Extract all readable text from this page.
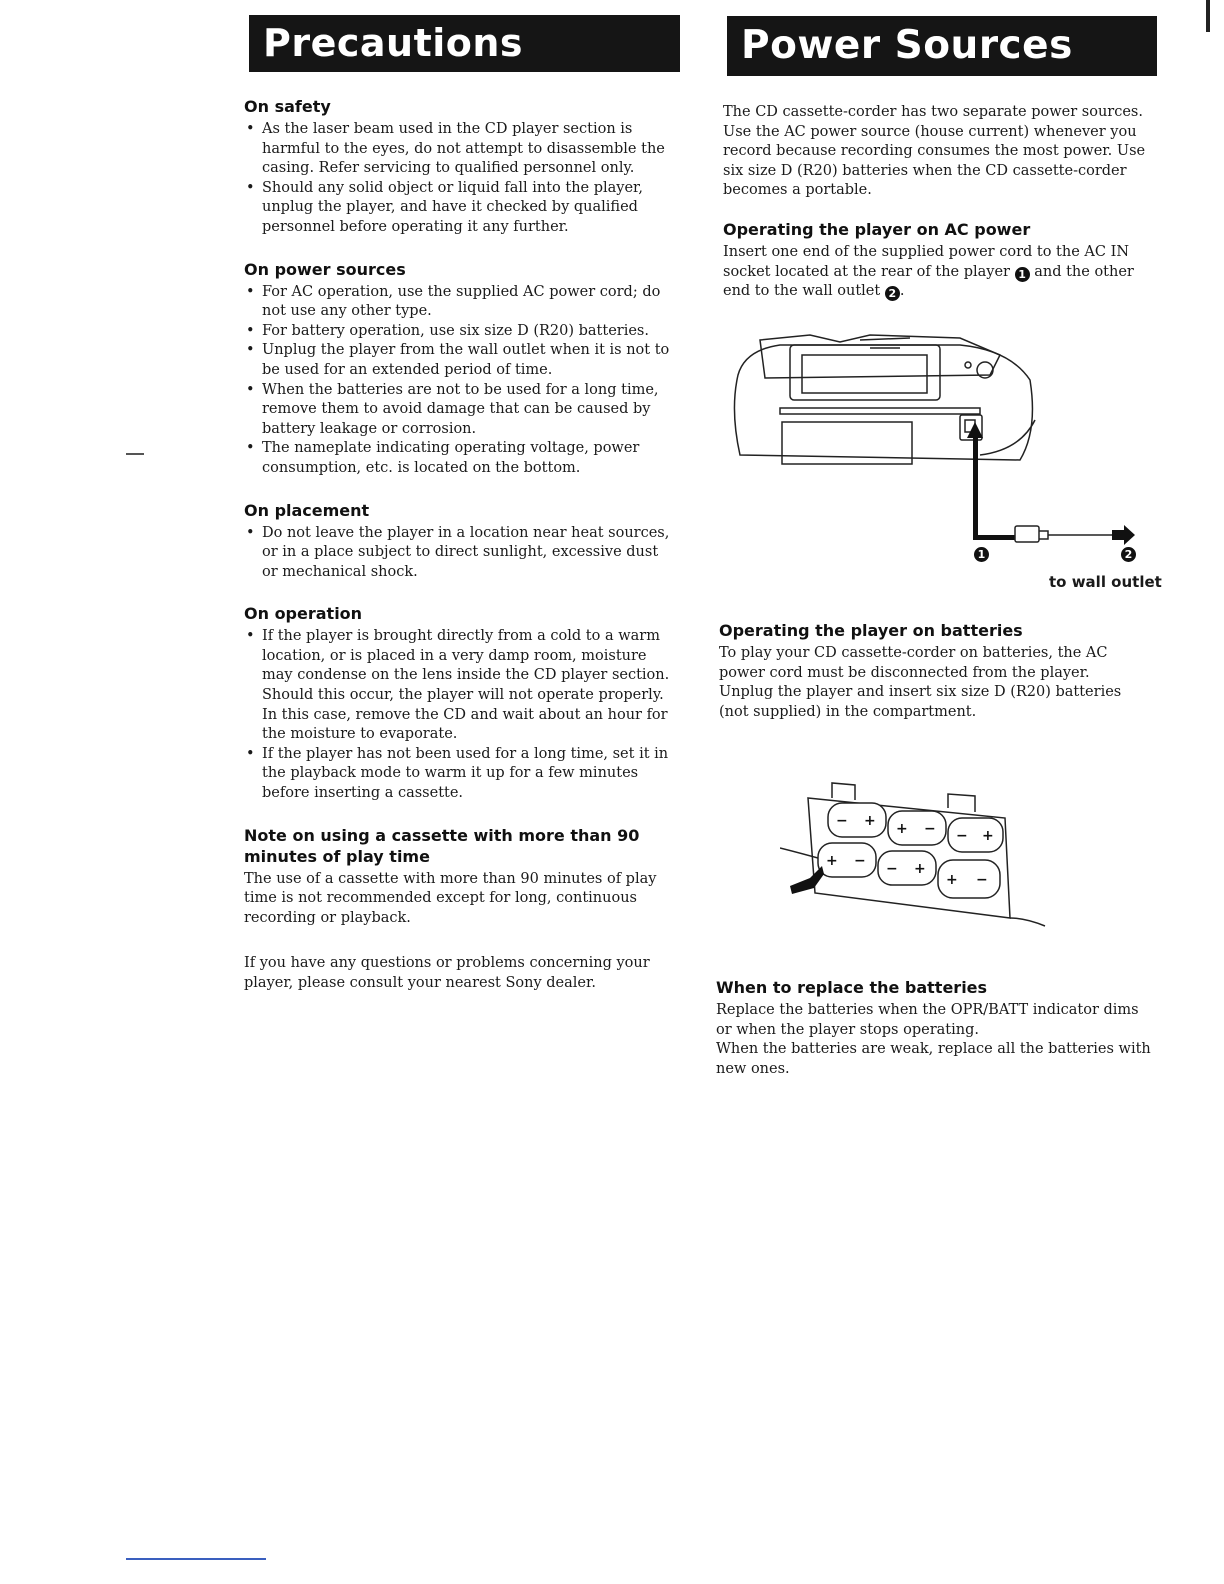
Precautions	Power Sources
On safety
• As the laser beam used in the CD player section is harmful to the eyes, do not attempt to disassemble the casing. Refer servicing to qualified personnel only.
• Should any solid object or liquid fall into the player, unplug the player, and have it checked by qualified personnel before operating it any further.
On power sources
• For AC operation, use the supplied AC power cord; do not use any other type.
• For battery operation, use six size D (R20) batteries.
• Unplug the player from the wall outlet when it is not to be used for an extended period of time.
• When the batteries are not to be used for a long time, remove them to avoid damage that can be caused by battery leakage or corrosion.
• The nameplate indicating operating voltage, power consumption, etc. is located on the bottom.
On placement
• Do not leave the player in a location near heat sources, or in a place subject to direct sunlight, excessive dust or mechanical shock.
On operation
• If the player is brought directly from a cold to a warm location, or is placed in a very damp room, moisture may condense on the lens inside the CD player section. Should this occur, the player will not operate properly. In this case, remove the CD and wait about an hour for the moisture to evaporate.
• If the player has not been used for a long time, set it in the playback mode to warm it up for a few minutes before inserting a cassette.
Note on using a cassette with more than 90 minutes of play time

The use of a cassette with more than 90 minutes of play time is not recommended except for long, continuous recording or playback.

If you have any questions or problems concerning your player, please consult your nearest Sony dealer.

The CD cassette-corder has two separate power sources. Use the AC power source (house current) whenever you record because recording consumes the most power. Use six size D (R20) batteries when the CD cassette-corder becomes a portable.

Operating the player on AC power

Insert one end of the supplied power cord to the AC IN socket located at the rear of the player 1 and the other end to the wall outlet 2 .

1	2
to wall outlet
Operating the player on batteries

To play your CD cassette-corder on batteries, the AC power cord must be disconnected from the player.

Unplug the player and insert six size D (R20) batteries (not supplied) in the compartment.

− + + − − +
+ − − +
+ −
When to replace the batteries

Replace the batteries when the OPR/BATT indicator dims or when the player stops operating.

When the batteries are weak, replace all the batteries with new ones.
